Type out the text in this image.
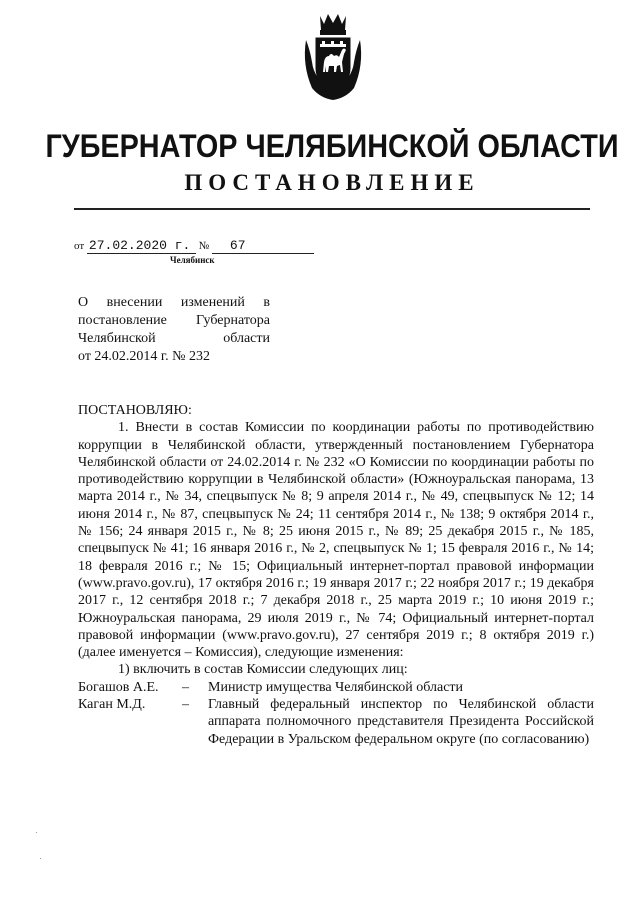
ГУБЕРНАТОР ЧЕЛЯБИНСКОЙ ОБЛАСТИ
ПОСТАНОВЛЕНИЕ
от 27.02.2020 г. № 67
Челябинск
О внесении изменений в
постановление Губернатора
Челябинской области
от 24.02.2014 г. № 232

ПОСТАНОВЛЯЮ:

1. Внести в состав Комиссии по координации работы по противодействию коррупции в Челябинской области, утвержденный постановлением Губернатора Челябинской области от 24.02.2014 г. № 232 «О Комиссии по координации работы по противодействию коррупции в Челябинской области» (Южноуральская панорама, 13 марта 2014 г., № 34, спецвыпуск № 8; 9 апреля 2014 г., № 49, спецвыпуск № 12; 14 июня 2014 г., № 87, спецвыпуск № 24; 11 сентября 2014 г., № 138; 9 октября 2014 г., № 156; 24 января 2015 г., № 8; 25 июня 2015 г., № 89; 25 декабря 2015 г., № 185, спецвыпуск № 41; 16 января 2016 г., № 2, спецвыпуск № 1; 15 февраля 2016 г., № 14; 18 февраля 2016 г.; № 15; Официальный интернет-портал правовой информации (www.pravo.gov.ru), 17 октября 2016 г.; 19 января 2017 г.; 22 ноября 2017 г.; 19 декабря 2017 г., 12 сентября 2018 г.; 7 декабря 2018 г., 25 марта 2019 г.; 10 июня 2019 г.; Южноуральская панорама, 29 июля 2019 г., № 74; Официальный интернет-портал правовой информации (www.pravo.gov.ru), 27 сентября 2019 г.; 8 октября 2019 г.) (далее именуется – Комиссия), следующие изменения:

1) включить в состав Комиссии следующих лиц:

Богашов А.Е.	–	Министр имущества Челябинской области
Каган М.Д.	–	Главный федеральный инспектор по Челябинской области аппарата полномочного представителя Президента Российской Федерации в Уральском федеральном округе (по согласованию)
